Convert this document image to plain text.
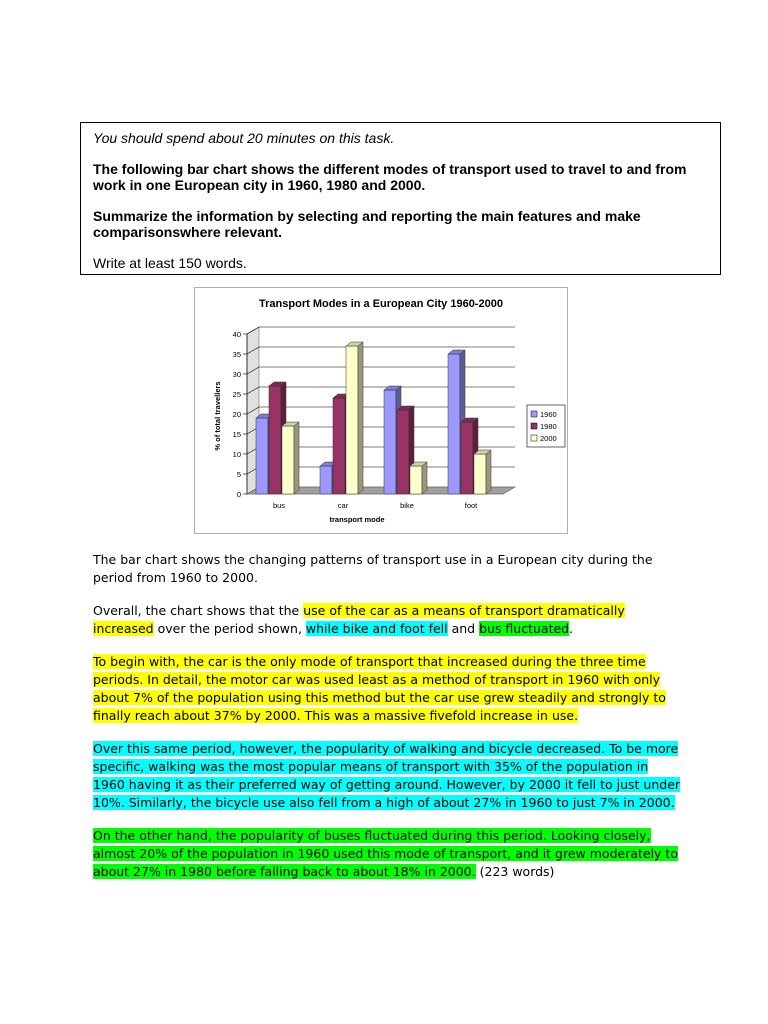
You should spend about 20 minutes on this task.

The following bar chart shows the different modes of transport used to travel to and from work in one European city in 1960, 1980 and 2000.

Summarize the information by selecting and reporting the main features and make comparisonswhere relevant.

Write at least 150 words.

Transport Modes in a European City 1960-2000
% of total travellers
transport mode
0
5
10
15
20
25
30
35
40
bus	car	bike	foot
1960
1980
2000

The bar chart shows the changing patterns of transport use in a European city during the period from 1960 to 2000.

Overall, the chart shows that the use of the car as a means of transport dramatically increased over the period shown, while bike and foot fell and bus fluctuated.

To begin with, the car is the only mode of transport that increased during the three time periods. In detail, the motor car was used least as a method of transport in 1960 with only about 7% of the population using this method but the car use grew steadily and strongly to finally reach about 37% by 2000. This was a massive fivefold increase in use.

Over this same period, however, the popularity of walking and bicycle decreased. To be more specific, walking was the most popular means of transport with 35% of the population in 1960 having it as their preferred way of getting around. However, by 2000 it fell to just under 10%. Similarly, the bicycle use also fell from a high of about 27% in 1960 to just 7% in 2000.

On the other hand, the popularity of buses fluctuated during this period. Looking closely, almost 20% of the population in 1960 used this mode of transport, and it grew moderately to about 27% in 1980 before falling back to about 18% in 2000. (223 words)
